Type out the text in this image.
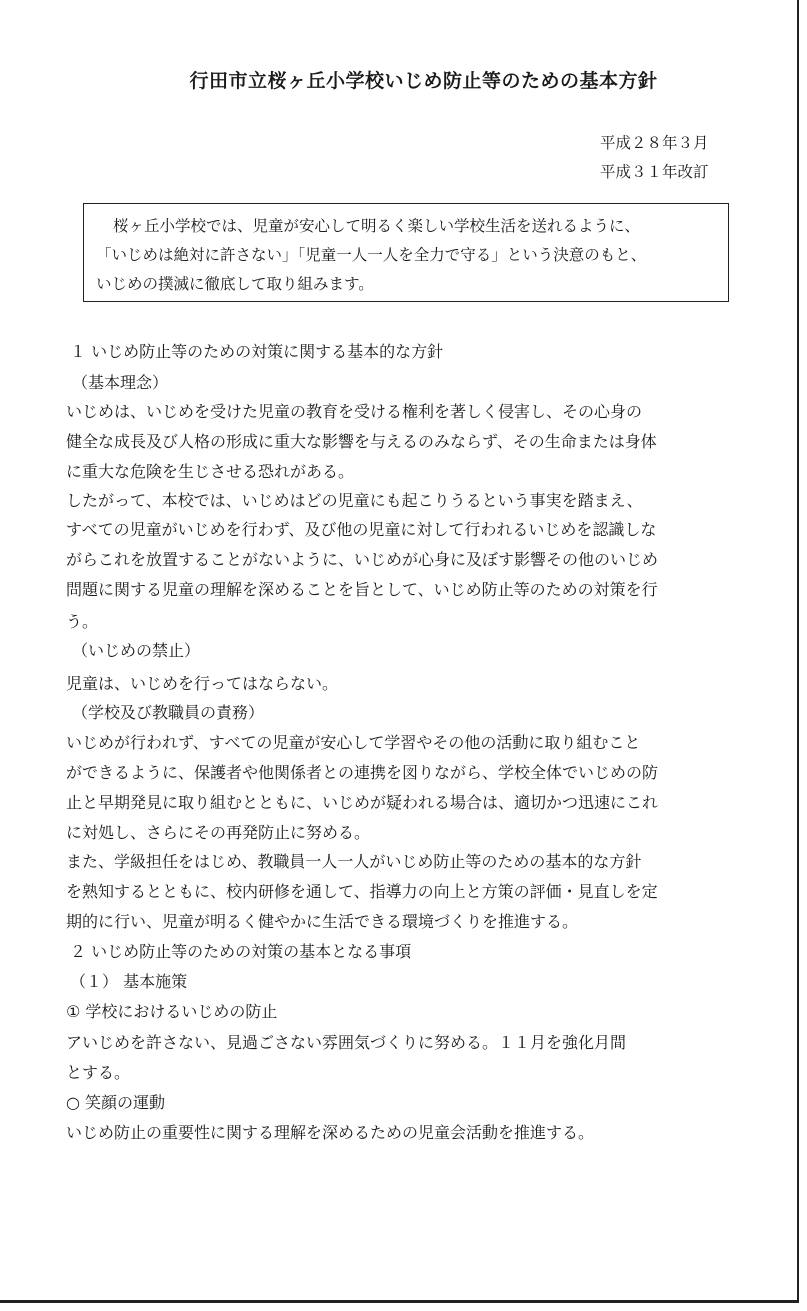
行田市立桜ヶ丘小学校いじめ防止等のための基本方針
平成２８年３月
平成３１年改訂

桜ヶ丘小学校では、児童が安心して明るく楽しい学校生活を送れるように、

「いじめは絶対に許さない」「児童一人一人を全力で守る」という決意のもと、

いじめの撲滅に徹底して取り組みます。

１ いじめ防止等のための対策に関する基本的な方針
（基本理念）
いじめは、いじめを受けた児童の教育を受ける権利を著しく侵害し、その心身の
健全な成長及び人格の形成に重大な影響を与えるのみならず、その生命または身体
に重大な危険を生じさせる恐れがある。
したがって、本校では、いじめはどの児童にも起こりうるという事実を踏まえ、
すべての児童がいじめを行わず、及び他の児童に対して行われるいじめを認識しな
がらこれを放置することがないように、いじめが心身に及ぼす影響その他のいじめ
問題に関する児童の理解を深めることを旨として、いじめ防止等のための対策を行
う。
（いじめの禁止）
児童は、いじめを行ってはならない。
（学校及び教職員の責務）
いじめが行われず、すべての児童が安心して学習やその他の活動に取り組むこと
ができるように、保護者や他関係者との連携を図りながら、学校全体でいじめの防
止と早期発見に取り組むとともに、いじめが疑われる場合は、適切かつ迅速にこれ
に対処し、さらにその再発防止に努める。
また、学級担任をはじめ、教職員一人一人がいじめ防止等のための基本的な方針
を熟知するとともに、校内研修を通して、指導力の向上と方策の評価・見直しを定
期的に行い、児童が明るく健やかに生活できる環境づくりを推進する。
２ いじめ防止等のための対策の基本となる事項
（１） 基本施策
① 学校におけるいじめの防止
アいじめを許さない、見過ごさない雰囲気づくりに努める。１１月を強化月間
とする。
○ 笑顔の運動
いじめ防止の重要性に関する理解を深めるための児童会活動を推進する。
